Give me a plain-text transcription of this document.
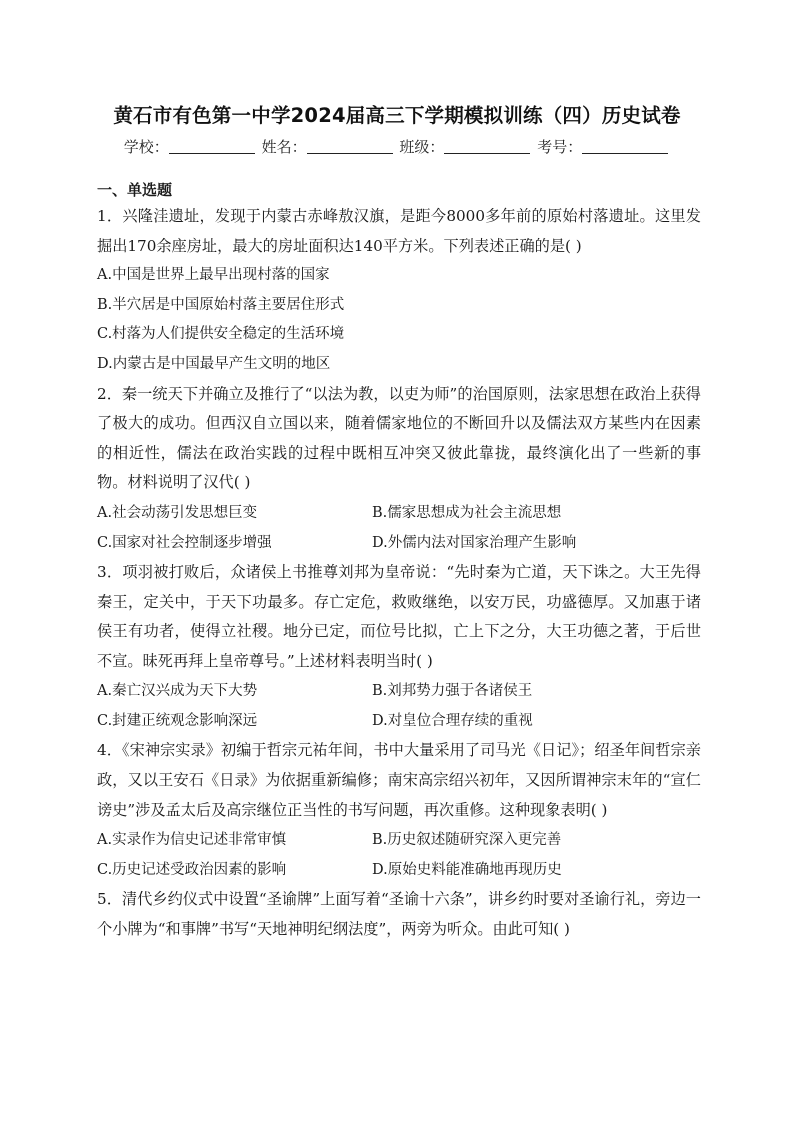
黄石市有色第一中学2024届高三下学期模拟训练（四）历史试卷
学校：	姓名：	班级：	考号：
一、单选题

1．兴隆洼遗址，发现于内蒙古赤峰敖汉旗，是距今8000多年前的原始村落遗址。这里发掘出170余座房址，最大的房址面积达140平方米。下列表述正确的是( )

A.中国是世界上最早出现村落的国家
B.半穴居是中国原始村落主要居住形式
C.村落为人们提供安全稳定的生活环境
D.内蒙古是中国最早产生文明的地区

2．秦一统天下并确立及推行了“以法为教，以吏为师”的治国原则，法家思想在政治上获得了极大的成功。但西汉自立国以来，随着儒家地位的不断回升以及儒法双方某些内在因素的相近性，儒法在政治实践的过程中既相互冲突又彼此靠拢，最终演化出了一些新的事物。材料说明了汉代( )

A.社会动荡引发思想巨变	B.儒家思想成为社会主流思想
C.国家对社会控制逐步增强	D.外儒内法对国家治理产生影响

3．项羽被打败后，众诸侯上书推尊刘邦为皇帝说：“先时秦为亡道，天下诛之。大王先得秦王，定关中，于天下功最多。存亡定危，救败继绝，以安万民，功盛德厚。又加惠于诸侯王有功者，使得立社稷。地分已定，而位号比拟，亡上下之分，大王功德之著，于后世不宣。昧死再拜上皇帝尊号。”上述材料表明当时( )

A.秦亡汉兴成为天下大势	B.刘邦势力强于各诸侯王
C.封建正统观念影响深远	D.对皇位合理存续的重视

4．《宋神宗实录》初编于哲宗元祐年间，书中大量采用了司马光《日记》；绍圣年间哲宗亲政，又以王安石《日录》为依据重新编修；南宋高宗绍兴初年，又因所谓神宗末年的“宣仁谤史”涉及孟太后及高宗继位正当性的书写问题，再次重修。这种现象表明( )

A.实录作为信史记述非常审慎	B.历史叙述随研究深入更完善
C.历史记述受政治因素的影响	D.原始史料能准确地再现历史

5．清代乡约仪式中设置“圣谕牌”上面写着“圣谕十六条”，讲乡约时要对圣谕行礼，旁边一个小牌为“和事牌”书写“天地神明纪纲法度”，两旁为听众。由此可知( )
